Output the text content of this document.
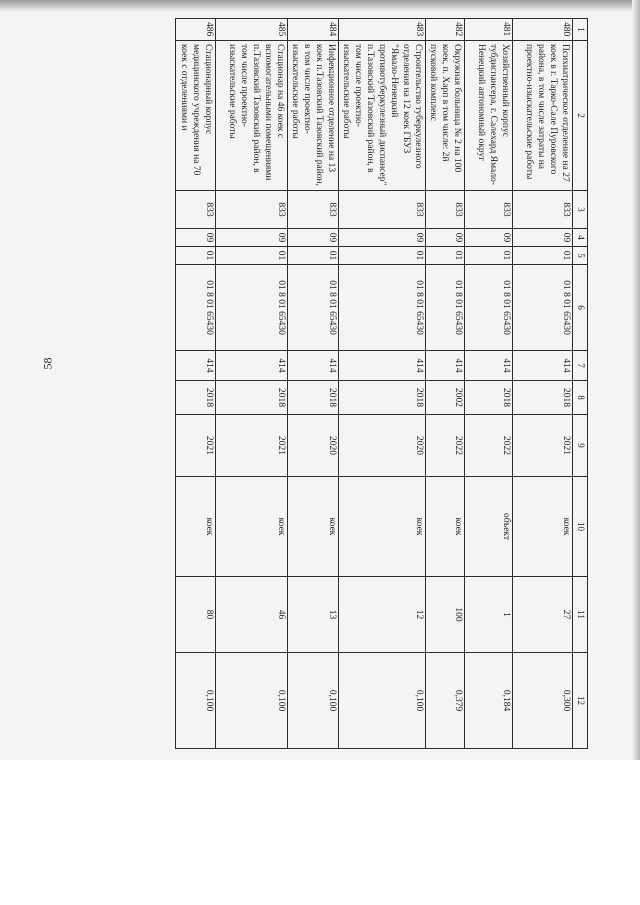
58
1	2	3	4	5	6	7	8	9	10	11	12
480	Психиатрическое отделение на 27 коек в г. Тарко-Сале Пуровского района, в том числе затраты на проектно-изыскательские работы	833	09	01	01 8 01 65430	414	2018	2021	коек	27	0,300
481	Хозяйственный корпус тубдиспансера, г. Салехард Ямало-Ненецкий автономный округ	833	09	01	01 8 01 65430	414	2018	2022	объект	1	0,184
482	Окружная больница № 2 на 100 коек, п. Харп в том числе: 2й пусковой комплекс	833	09	01	01 8 01 65430	414	2002	2022	коек	100	0,379
483	Строительство туберкулезного отделения на 12 коек ГБУЗ "Ямало-Ненецкий противотуберкулезный диспансер" п.Тазовский Тазовский район, в том числе проектно-изыскательские работы	833	09	01	01 8 01 65430	414	2018	2020	коек	12	0,100
484	Инфекционное отделение на 13 коек п.Тазовский Тазовский район, в том числе проектно-изыскательские работы	833	09	01	01 8 01 65430	414	2018	2020	коек	13	0,100
485	Стационар на 46 коек с вспомогательными помещениями п.Тазовский Тазовский район, в том числе проектно-изыскательские работы	833	09	01	01 8 01 65430	414	2018	2021	коек	46	0,100
486	Стационарный корпус медицинского учреждения на 70 коек с отделениями и	833	09	01	01 8 01 65430	414	2018	2021	коек	80	0,100
